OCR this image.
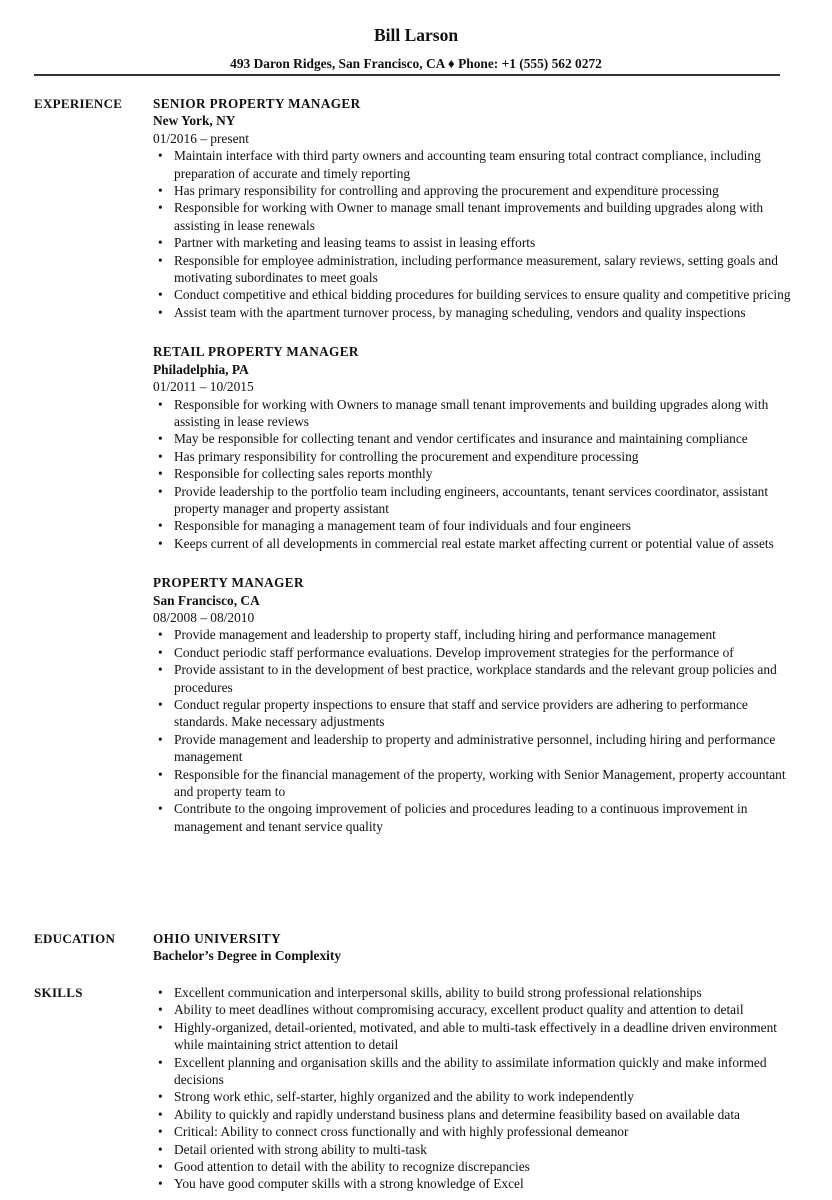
Bill Larson
493 Daron Ridges, San Francisco, CA ♦ Phone: +1 (555) 562 0272
EXPERIENCE SENIOR PROPERTY MANAGER
New York, NY
01/2016 – present
• Maintain interface with third party owners and accounting team ensuring total contract compliance, including preparation of accurate and timely reporting
• Has primary responsibility for controlling and approving the procurement and expenditure processing
• Responsible for working with Owner to manage small tenant improvements and building upgrades along with assisting in lease renewals
• Partner with marketing and leasing teams to assist in leasing efforts
• Responsible for employee administration, including performance measurement, salary reviews, setting goals and motivating subordinates to meet goals
• Conduct competitive and ethical bidding procedures for building services to ensure quality and competitive pricing
• Assist team with the apartment turnover process, by managing scheduling, vendors and quality inspections
RETAIL PROPERTY MANAGER
Philadelphia, PA
01/2011 – 10/2015
• Responsible for working with Owners to manage small tenant improvements and building upgrades along with assisting in lease reviews
• May be responsible for collecting tenant and vendor certificates and insurance and maintaining compliance
• Has primary responsibility for controlling the procurement and expenditure processing
• Responsible for collecting sales reports monthly
• Provide leadership to the portfolio team including engineers, accountants, tenant services coordinator, assistant property manager and property assistant
• Responsible for managing a management team of four individuals and four engineers
• Keeps current of all developments in commercial real estate market affecting current or potential value of assets
PROPERTY MANAGER
San Francisco, CA
08/2008 – 08/2010
• Provide management and leadership to property staff, including hiring and performance management
• Conduct periodic staff performance evaluations. Develop improvement strategies for the performance of
• Provide assistant to in the development of best practice, workplace standards and the relevant group policies and procedures
• Conduct regular property inspections to ensure that staff and service providers are adhering to performance standards. Make necessary adjustments
• Provide management and leadership to property and administrative personnel, including hiring and performance management
• Responsible for the financial management of the property, working with Senior Management, property accountant and property team to
• Contribute to the ongoing improvement of policies and procedures leading to a continuous improvement in management and tenant service quality
EDUCATION	OHIO UNIVERSITY
Bachelor’s Degree in Complexity
SKILLS
•	Excellent communication and interpersonal skills, ability to build strong professional relationships
• Ability to meet deadlines without compromising accuracy, excellent product quality and attention to detail
• Highly-organized, detail-oriented, motivated, and able to multi-task effectively in a deadline driven environment while maintaining strict attention to detail
• Excellent planning and organisation skills and the ability to assimilate information quickly and make informed decisions
• Strong work ethic, self-starter, highly organized and the ability to work independently
• Ability to quickly and rapidly understand business plans and determine feasibility based on available data
• Critical: Ability to connect cross functionally and with highly professional demeanor
• Detail oriented with strong ability to multi-task
• Good attention to detail with the ability to recognize discrepancies
• You have good computer skills with a strong knowledge of Excel
